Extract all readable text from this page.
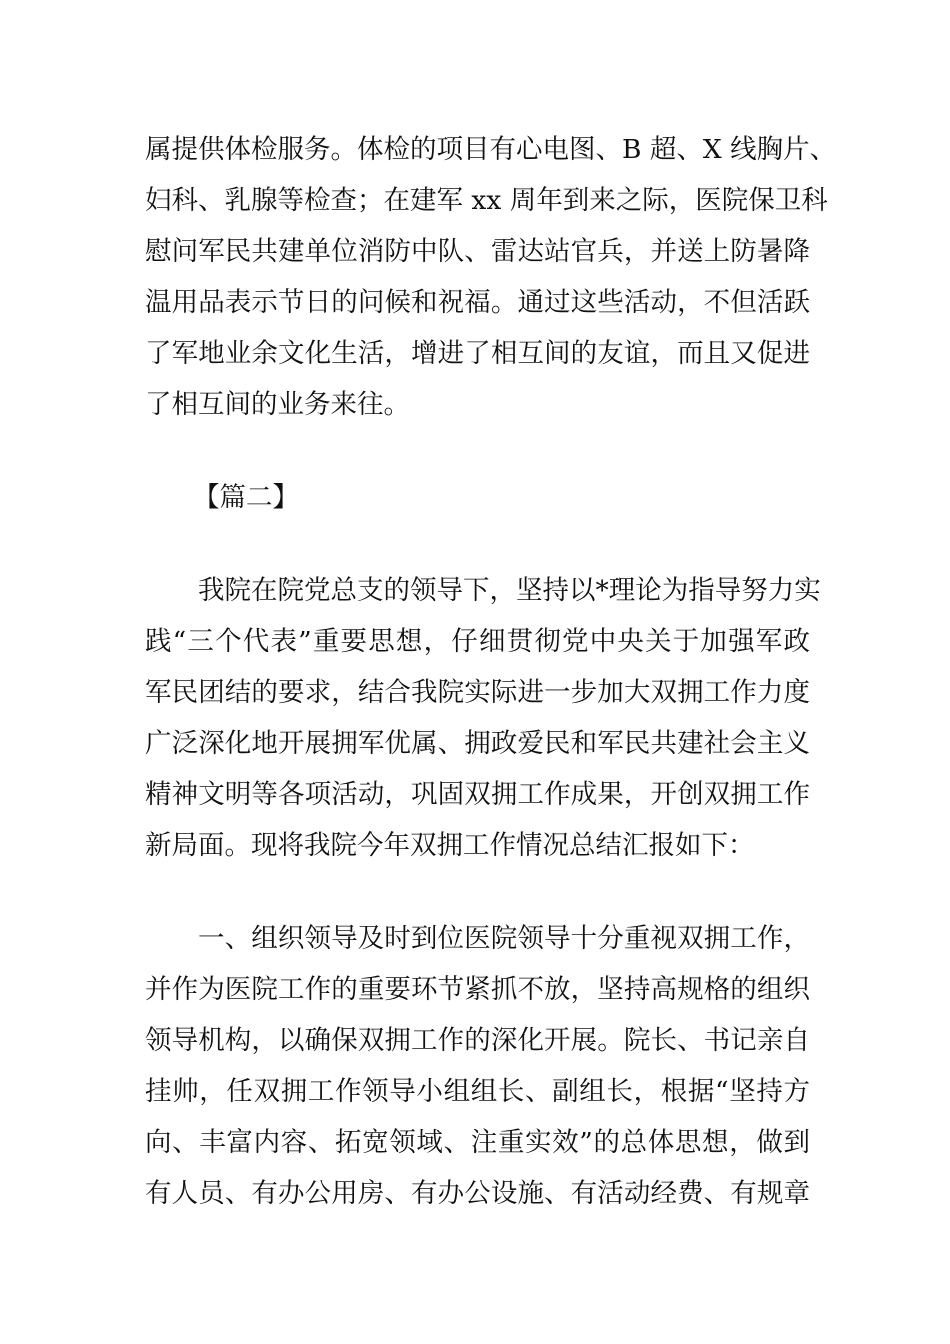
属提供体检服务。体检的项目有心电图、B 超、X 线胸片、
妇科、乳腺等检查；在建军 xx 周年到来之际，医院保卫科
慰问军民共建单位消防中队、雷达站官兵，并送上防暑降
温用品表示节日的问候和祝福。通过这些活动，不但活跃
了军地业余文化生活，增进了相互间的友谊，而且又促进
了相互间的业务来往。
【篇二】
我院在院党总支的领导下，坚持以*理论为指导努力实
践“三个代表”重要思想，仔细贯彻党中央关于加强军政
军民团结的要求，结合我院实际进一步加大双拥工作力度
广泛深化地开展拥军优属、拥政爱民和军民共建社会主义
精神文明等各项活动，巩固双拥工作成果，开创双拥工作
新局面。现将我院今年双拥工作情况总结汇报如下：
一、组织领导及时到位医院领导十分重视双拥工作，
并作为医院工作的重要环节紧抓不放，坚持高规格的组织
领导机构，以确保双拥工作的深化开展。院长、书记亲自
挂帅，任双拥工作领导小组组长、副组长，根据“坚持方
向、丰富内容、拓宽领域、注重实效”的总体思想，做到
有人员、有办公用房、有办公设施、有活动经费、有规章
